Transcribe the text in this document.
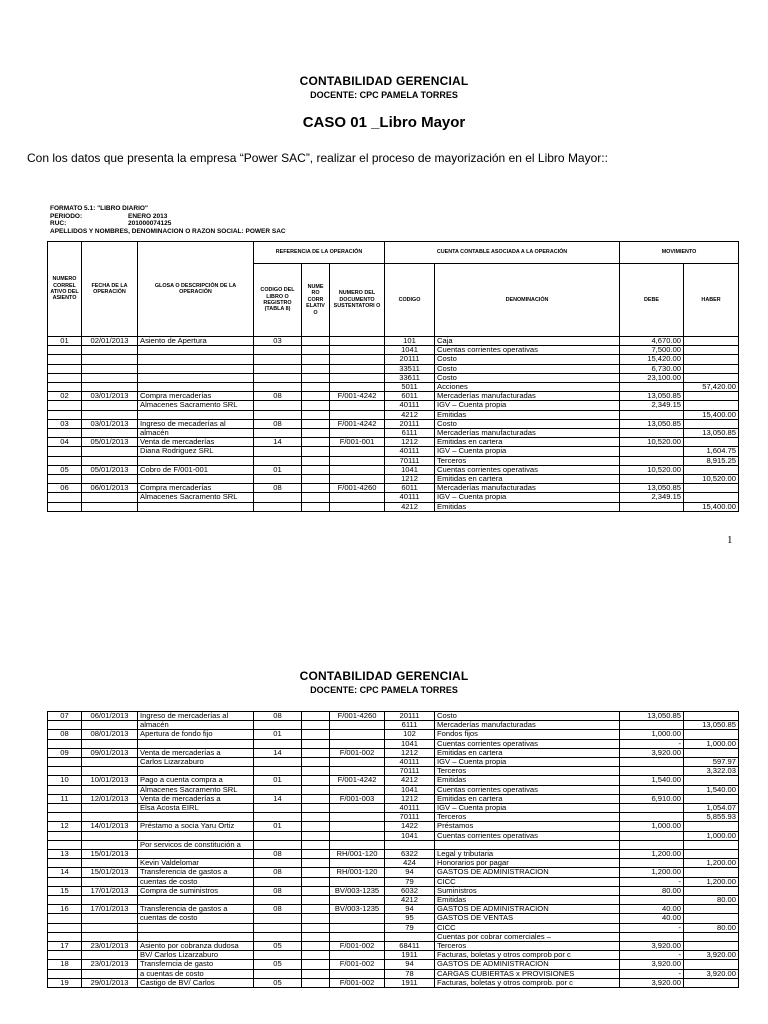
CONTABILIDAD GERENCIAL
DOCENTE: CPC PAMELA TORRES
CASO 01 _Libro Mayor
Con los datos que presenta la empresa “Power SAC”, realizar el proceso de mayorización en el Libro Mayor::
FORMATO 5.1: "LIBRO DIARIO"
PERIODO:	ENERO 2013
RUC:	201000074125
APELLIDOS Y NOMBRES, DENOMINACION O RAZON SOCIAL: POWER SAC
NUMERO CORREL ATIVO DEL ASIENTO	FECHA DE LA OPERACIÓN	GLOSA O DESCRIPCIÓN DE LA OPERACIÓN	REFERENCIA DE LA OPERACIÓN			CUENTA CONTABLE ASOCIADA A LA OPERACIÓN		MOVIMIENTO	
			CODIGO DEL LIBRO O REGISTRO (TABLA 8)	NUME RO CORR ELATIV O	NUMERO DEL DOCUMENTO SUSTENTATORI O	CODIGO	DENOMINACIÓN	DEBE	HABER
01	02/01/2013	Asiento de Apertura	03			101	Caja	4,670.00	
						1041	Cuentas corrientes operativas	7,500.00	
						20111	Costo	15,420.00	
						33511	Costo	6,730.00	
						33611	Costo	23,100.00	
						5011	Acciones		57,420.00
02	03/01/2013	Compra mercaderías	08		F/001-4242	6011	Mercaderías manufacturadas	13,050.85	
		Almacenes Sacramento SRL				40111	IGV – Cuenta propia	2,349.15	
						4212	Emitidas		15,400.00
03	03/01/2013	Ingreso de mecaderías al	08		F/001-4242	20111	Costo	13,050.85	
		almacén				6111	Mercaderías manufacturadas		13,050.85
04	05/01/2013	Venta de mercaderías	14		F/001-001	1212	Emitidas en cartera	10,520.00	
		Diana Rodriguez SRL				40111	IGV – Cuenta propia		1,604.75
						70111	Terceros		8,915.25
05	05/01/2013	Cobro de F/001-001	01			1041	Cuentas corrientes operativas	10,520.00	
						1212	Emitidas en cartera		10,520.00
06	06/01/2013	Compra mercaderías	08		F/001-4260	6011	Mercaderías manufacturadas	13,050.85	
		Almacenes Sacramento SRL				40111	IGV – Cuenta propia	2,349.15	
						4212	Emitidas		15,400.00
1
CONTABILIDAD GERENCIAL
DOCENTE: CPC PAMELA TORRES
07	06/01/2013	Ingreso de mercaderías al	08		F/001-4260	20111	Costo	13,050.85	
		almacén				6111	Mercaderías manufacturadas		13,050.85
08	08/01/2013	Apertura de fondo fijo	01			102	Fondos fijos	1,000.00	
						1041	Cuentas corrientes operativas	-	1,000.00
09	09/01/2013	Venta de mercaderías a	14		F/001-002	1212	Emitidas en cartera	3,920.00	
		Carlos Lizarzaburo				40111	IGV – Cuenta propia		597.97
						70111	Terceros		3,322.03
10	10/01/2013	Pago a cuenta compra a	01		F/001-4242	4212	Emitidas	1,540.00	
		Almacenes Sacramento SRL				1041	Cuentas corrientes operativas		1,540.00
11	12/01/2013	Venta de mercaderías a	14		F/001-003	1212	Emitidas en cartera	6,910.00	
		Elsa Acosta EIRL				40111	IGV – Cuenta propia		1,054.07
						70111	Terceros		5,855.93
12	14/01/2013	Préstamo a socia Yaru Ortiz	01			1422	Préstamos	1,000.00	
						1041	Cuentas corrientes operativas		1,000.00
		Por servicos de constitución a							
13	15/01/2013		08		RH/001-120	6322	Legal y tributaria	1,200.00	
		Kevin Valdelomar				424	Honorarios por pagar		1,200.00
14	15/01/2013	Transferencia de gastos a	08		RH/001-120	94	GASTOS DE ADMINISTRACION	1,200.00	
		cuentas de costo				79	CICC	-	1,200.00
15	17/01/2013	Compra de suministros	08		BV/003-1235	6032	Suministros	80.00	
						4212	Emitidas		80.00
16	17/01/2013	Transferencia de gastos a	08		BV/003-1235	94	GASTOS DE ADMINISTRACION	40.00	
		cuentas de costo				95	GASTOS DE VENTAS	40.00	
						79	CICC	-	80.00
							Cuentas por cobrar comerciales –		
17	23/01/2013	Asiento por cobranza dudosa	05		F/001-002	68411	Terceros	3,920.00	
		BV/ Carlos Lizarzaburo				1911	Facturas, boletas y otros comprob por c	-	3,920.00
18	23/01/2013	Transferncia de gasto	05		F/001-002	94	GASTOS DE ADMINISTRACION	3,920.00	
		a cuentas de costo				78	CARGAS CUBIERTAS x PROVISIONES	-	3,920.00
19	29/01/2013	Castigo de BV/ Carlos	05		F/001-002	1911	Facturas, boletas y otros comprob. por c	3,920.00	
